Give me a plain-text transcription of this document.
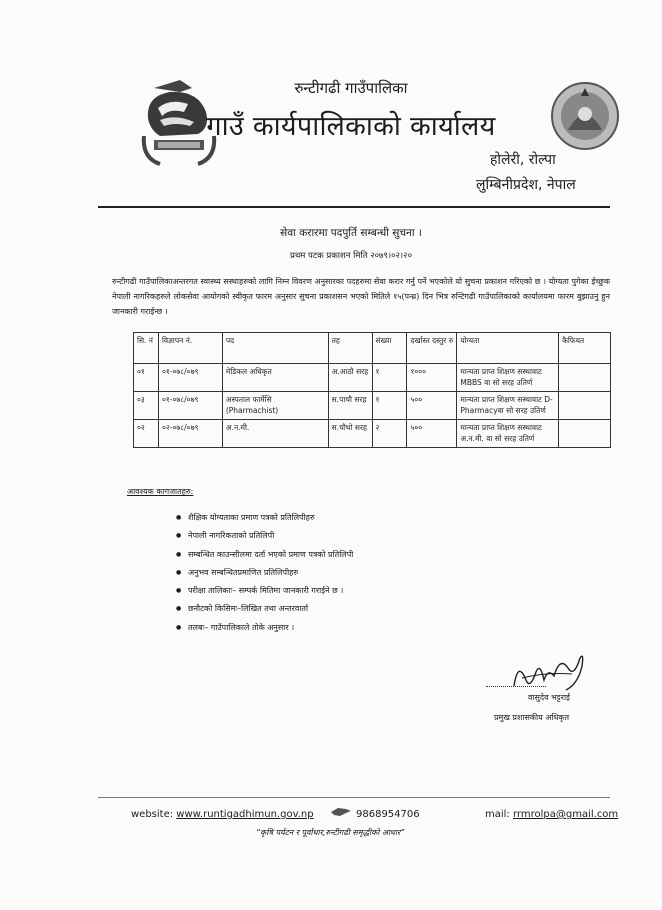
रुन्टीगढी गाउँपालिका
गाउँ कार्यपालिकाको कार्यालय
होलेरी, रोल्पा
लुम्बिनीप्रदेश, नेपाल
सेवा करारमा पदपुर्ति सम्बन्धी सुचना ।
प्रथम पटक प्रकाशन मिति २०७९।०२।२०
रुन्टीगढी गाउँपालिकाअन्तरगत स्वास्थ्य सस्थाहरुको लागि निम्न विवरण अनुसारका पदहरुमा सेवा करार गर्नु पर्ने भएकोले यो सुचना प्रकाशन गरिएको छ । योग्यता पुगेका ईच्छुक नेपाली नागरिकहरुले लोकसेवा आयोगको स्वीकृत फारम अनुसार सुचना प्रकाशसन भएको मितिले १५(पन्ध्र) दिन भित्र रुन्टिगढी गाउँपालिकाको कार्यालयमा फारम बुझाउनु हुन जानकारी गराईन्छ ।
सि. नं	विज्ञापन नं.	पद	तह	संख्या	दर्खास्त दस्तुर रु	योग्यता	कैफियत
०१	०१-०७८/०७९	मेडिकल अधिकृत	अ.आठौ सरह	१	१०००	मान्यता प्राप्त शिक्षण सस्थावाट MBBS वा सो सरह उतिर्ण	
०३	०१-०७८/०७९	अस्पताल फार्मेसि (Pharmachist)	स.पाचौ सरह	१	५००	मान्यता प्राप्त शिक्षण सस्थावाट D-Pharmacyवा सो सरह उतिर्ण	
०२	०२-०७८/०७९	अ.न.मी.	स.चौथो सरह	२	५००	मान्यता प्राप्त शिक्षण सस्थावाट अ.न.मी. वा सो सरह उतिर्ण	
आवश्यक कागजातहरु:
● शैक्षिक योग्यताका प्रमाण पत्रको प्रतिलिपीहरु
● नेपाली नागरिकताको प्रतिलिपी
● सम्बन्धित काउन्सीलमा दर्ता भएको प्रमाण पत्रको प्रतिलिपी
● अनुभव सम्बन्धितप्रमाणित प्रतिलिपीहरु
● परीक्षा तालिकाः– सम्पर्क मितिमा जानकारी गराईने छ ।
● छनौटको किसिमः–लिखित तथा अन्तरवार्ता
● तलबः– गाउँपालिकाले तोके अनुसार ।
वासुदेव भट्टराई
प्रमुख प्रशासकीय अधिकृत
website: www.runtigadhimun.gov.np	9868954706	mail: rrmrolpa@gmail.com
“कृषि पर्यटन र पूर्वाधार,रुन्टीगढी समृद्धीको आधार”
